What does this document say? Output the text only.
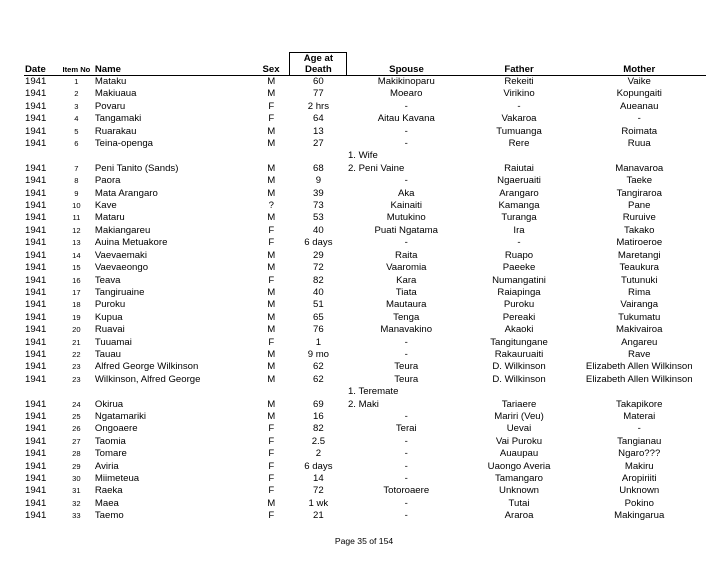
				Age at			
Date	Item No	Name	Sex	Death	Spouse	Father	Mother
1941	1	Mataku	M	60	Makikinoparu	Rekeiti	Vaike
1941	2	Makiuaua	M	77	Moearo	Virikino	Kopungaiti
1941	3	Povaru	F	2 hrs	-	-	Aueanau
1941	4	Tangamaki	F	64	Aitau Kavana	Vakaroa	-
1941	5	Ruarakau	M	13	-	Tumuanga	Roimata
1941	6	Teina-openga	M	27	-	Rere	Ruua
					1. Wife		
1941	7	Peni Tanito (Sands)	M	68	2. Peni Vaine	Raiutai	Manavaroa
1941	8	Paora	M	9	-	Ngaeruaiti	Taeke
1941	9	Mata Arangaro	M	39	Aka	Arangaro	Tangiraroa
1941	10	Kave	?	73	Kainaiti	Kamanga	Pane
1941	11	Mataru	M	53	Mutukino	Turanga	Ruruive
1941	12	Makiangareu	F	40	Puati Ngatama	Ira	Takako
1941	13	Auina Metuakore	F	6 days	-	-	Matiroeroe
1941	14	Vaevaemaki	M	29	Raita	Ruapo	Maretangi
1941	15	Vaevaeongo	M	72	Vaaromia	Paeeke	Teaukura
1941	16	Teava	F	82	Kara	Numangatini	Tutunuki
1941	17	Tangiruaine	M	40	Tiata	Raiapinga	Rima
1941	18	Puroku	M	51	Mautaura	Puroku	Vairanga
1941	19	Kupua	M	65	Tenga	Pereaki	Tukumatu
1941	20	Ruavai	M	76	Manavakino	Akaoki	Makivairoa
1941	21	Tuuamai	F	1	-	Tangitungane	Angareu
1941	22	Tauau	M	9 mo	-	Rakauruaiti	Rave
1941	23	Alfred George Wilkinson	M	62	Teura	D. Wilkinson	Elizabeth Allen Wilkinson
1941	23	Wilkinson, Alfred George	M	62	Teura	D. Wilkinson	Elizabeth Allen Wilkinson
					1. Teremate		
1941	24	Okirua	M	69	2. Maki	Tariaere	Takapikore
1941	25	Ngatamariki	M	16	-	Mariri (Veu)	Materai
1941	26	Ongoaere	F	82	Terai	Uevai	-
1941	27	Taomia	F	2.5	-	Vai Puroku	Tangianau
1941	28	Tomare	F	2	-	Auaupau	Ngaro???
1941	29	Aviria	F	6 days	-	Uaongo Averia	Makiru
1941	30	Miimeteua	F	14	-	Tamangaro	Aropiriiti
1941	31	Raeka	F	72	Totoroaere	Unknown	Unknown
1941	32	Maea	M	1 wk	-	Tutai	Pokino
1941	33	Taemo	F	21	-	Araroa	Makingarua
Page 35 of 154
